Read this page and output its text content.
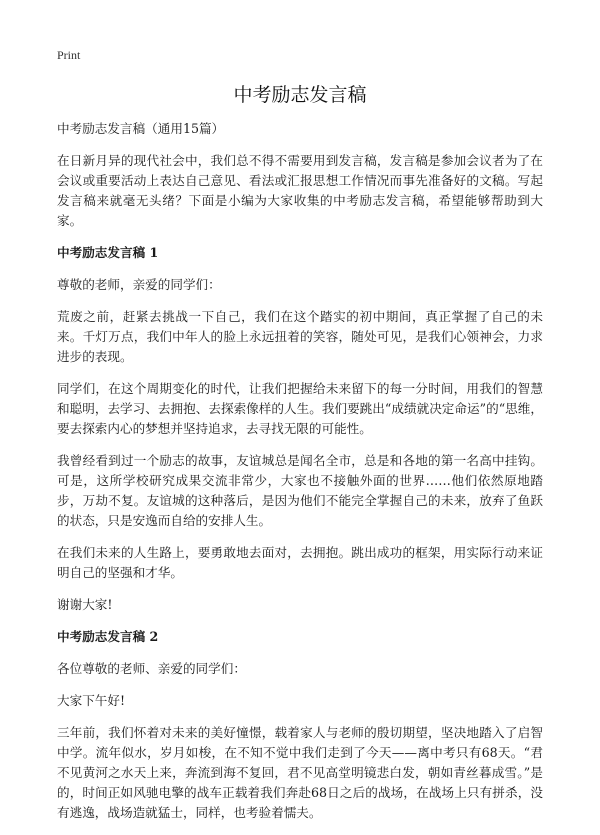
Print
中考励志发言稿

中考励志发言稿（通用15篇）

在日新月异的现代社会中，我们总不得不需要用到发言稿，发言稿是参加会议者为了在会议或重要活动上表达自己意见、看法或汇报思想工作情况而事先准备好的文稿。写起发言稿来就毫无头绪？下面是小编为大家收集的中考励志发言稿，希望能够帮助到大家。

中考励志发言稿 1

尊敬的老师，亲爱的同学们：

荒废之前，赶紧去挑战一下自己，我们在这个踏实的初中期间，真正掌握了自己的未来。千灯万点，我们中年人的脸上永远扭着的笑容，随处可见，是我们心领神会，力求进步的表现。

同学们，在这个周期变化的时代，让我们把握给未来留下的每一分时间，用我们的智慧和聪明，去学习、去拥抱、去探索像样的人生。我们要跳出“成绩就决定命运”的“思维，要去探索内心的梦想并坚持追求，去寻找无限的可能性。

我曾经看到过一个励志的故事，友谊城总是闻名全市，总是和各地的第一名高中挂钩。可是，这所学校研究成果交流非常少，大家也不接触外面的世界……他们依然原地踏步，万劫不复。友谊城的这种落后，是因为他们不能完全掌握自己的未来，放弃了鱼跃的状态，只是安逸而自给的安排人生。

在我们未来的人生路上，要勇敢地去面对，去拥抱。跳出成功的框架，用实际行动来证明自己的坚强和才华。

谢谢大家!

中考励志发言稿 2

各位尊敬的老师、亲爱的同学们：

大家下午好!

三年前，我们怀着对未来的美好憧憬，载着家人与老师的殷切期望，坚决地踏入了启智中学。流年似水，岁月如梭，在不知不觉中我们走到了今天——离中考只有68天。“君不见黄河之水天上来，奔流到海不复回，君不见高堂明镜悲白发，朝如青丝暮成雪。”是的，时间正如风驰电擎的战车正载着我们奔赴68日之后的战场，在战场上只有拼杀，没有逃逸，战场造就猛士，同样，也考验着懦夫。
